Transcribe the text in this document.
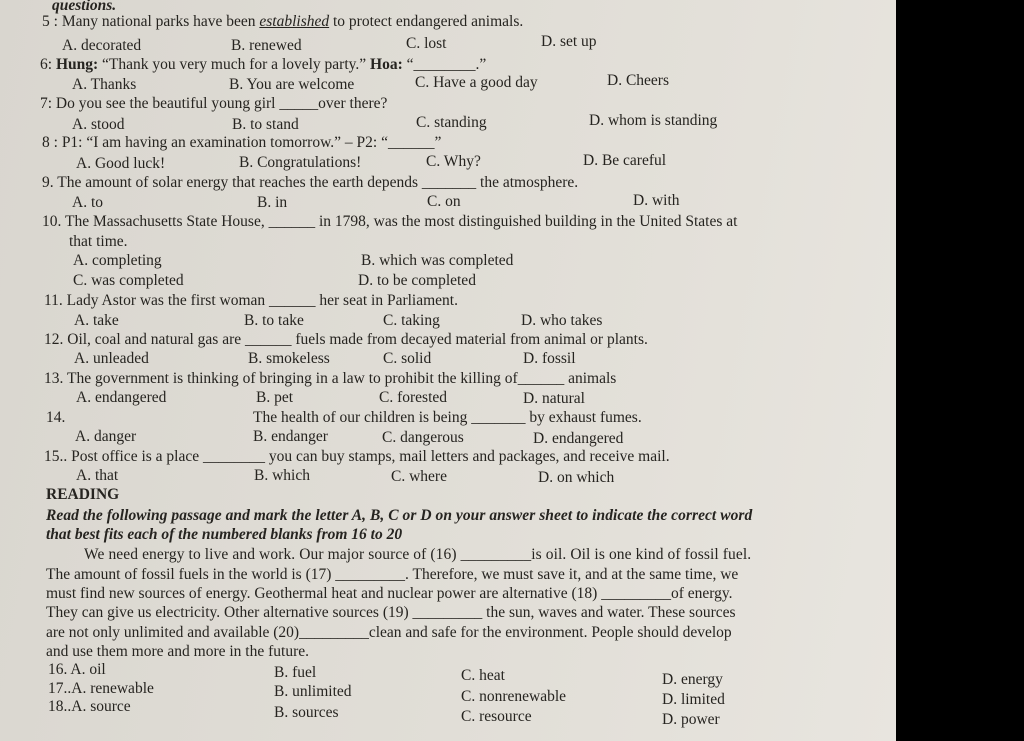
questions.
5 : Many national parks have been established to protect endangered animals.
A. decorated	B. renewed	C. lost	D. set up
6: Hung: “Thank you very much for a lovely party.” Hoa: “________.”
A. Thanks	B. You are welcome	C. Have a good day	D. Cheers
7: Do you see the beautiful young girl _____over there?
A. stood	B. to stand	C. standing	D. whom is standing
8 : P1: “I am having an examination tomorrow.” – P2: “______”
A. Good luck!	B. Congratulations!	C. Why?	D. Be careful
9. The amount of solar energy that reaches the earth depends _______ the atmosphere.
A. to	B. in	C. on	D. with
10. The Massachusetts State House, ______ in 1798, was the most distinguished building in the United States at
that time.
A. completing	B. which was completed
C. was completed	D. to be completed
11. Lady Astor was the first woman ______ her seat in Parliament.
A. take	B. to take	C. taking	D. who takes
12. Oil, coal and natural gas are ______ fuels made from decayed material from animal or plants.
A. unleaded	B. smokeless	C. solid	D. fossil
13. The government is thinking of bringing in a law to prohibit the killing of______ animals
A. endangered	B. pet	C. forested	D. natural
14.	The health of our children is being _______ by exhaust fumes.
A. danger	B. endanger	C. dangerous	D. endangered
15.. Post office is a place ________ you can buy stamps, mail letters and packages, and receive mail.
A. that	B. which	C. where	D. on which
READING
Read the following passage and mark the letter A, B, C or D on your answer sheet to indicate the correct word
that best fits each of the numbered blanks from 16 to 20
We need energy to live and work. Our major source of (16) _________is oil. Oil is one kind of fossil fuel.
The amount of fossil fuels in the world is (17) _________. Therefore, we must save it, and at the same time, we
must find new sources of energy. Geothermal heat and nuclear power are alternative (18) _________of energy.
They can give us electricity. Other alternative sources (19) _________ the sun, waves and water. These sources
are not only unlimited and available (20)_________clean and safe for the environment. People should develop
and use them more and more in the future.
16. A. oil	B. fuel	C. heat	D. energy
17..A. renewable	B. unlimited	C. nonrenewable	D. limited
18..A. source	B. sources	C. resource	D. power
